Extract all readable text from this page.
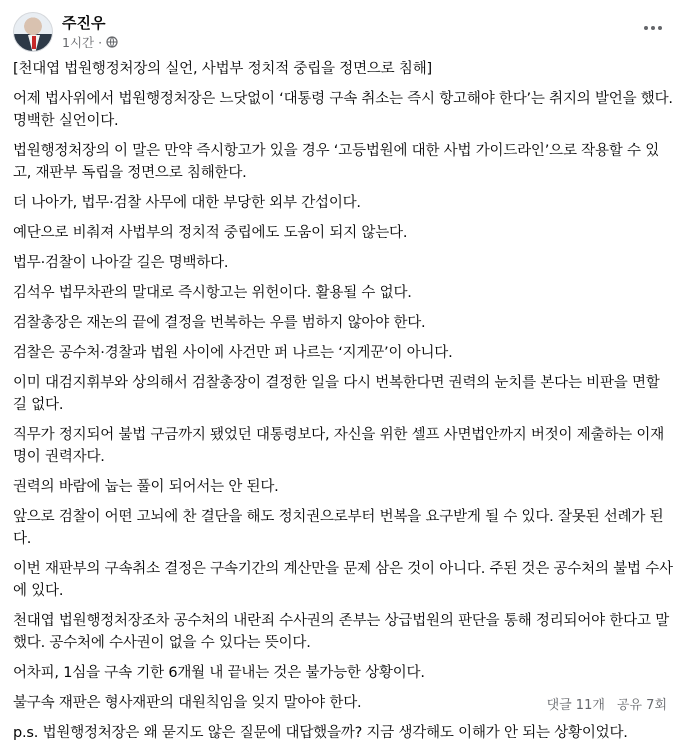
주진우
1시간 ·

[천대엽 법원행정처장의 실언, 사법부 정치적 중립을 정면으로 침해]

어제 법사위에서 법원행정처장은 느닷없이 ‘대통령 구속 취소는 즉시 항고해야 한다’는 취지의 발언을 했다. 명백한 실언이다.

법원행정처장의 이 말은 만약 즉시항고가 있을 경우 ‘고등법원에 대한 사법 가이드라인’으로 작용할 수 있고, 재판부 독립을 정면으로 침해한다.

더 나아가, 법무·검찰 사무에 대한 부당한 외부 간섭이다.

예단으로 비춰져 사법부의 정치적 중립에도 도움이 되지 않는다.

법무·검찰이 나아갈 길은 명백하다.

김석우 법무차관의 말대로 즉시항고는 위헌이다. 활용될 수 없다.

검찰총장은 재논의 끝에 결정을 번복하는 우를 범하지 않아야 한다.

검찰은 공수처·경찰과 법원 사이에 사건만 퍼 나르는 ‘지게꾼’이 아니다.

이미 대검지휘부와 상의해서 검찰총장이 결정한 일을 다시 번복한다면 권력의 눈치를 본다는 비판을 면할 길 없다.

직무가 정지되어 불법 구금까지 됐었던 대통령보다, 자신을 위한 셀프 사면법안까지 버젓이 제출하는 이재명이 권력자다.

권력의 바람에 눕는 풀이 되어서는 안 된다.

앞으로 검찰이 어떤 고뇌에 찬 결단을 해도 정치권으로부터 번복을 요구받게 될 수 있다. 잘못된 선례가 된다.

이번 재판부의 구속취소 결정은 구속기간의 계산만을 문제 삼은 것이 아니다. 주된 것은 공수처의 불법 수사에 있다.

천대엽 법원행정처장조차 공수처의 내란죄 수사권의 존부는 상급법원의 판단을 통해 정리되어야 한다고 말했다. 공수처에 수사권이 없을 수 있다는 뜻이다.

어차피, 1심을 구속 기한 6개월 내 끝내는 것은 불가능한 상황이다.

불구속 재판은 형사재판의 대원칙임을 잊지 말아야 한다.

p.s. 법원행정처장은 왜 묻지도 않은 질문에 대답했을까? 지금 생각해도 이해가 안 되는 상황이었다.

댓글 11개 공유 7회
